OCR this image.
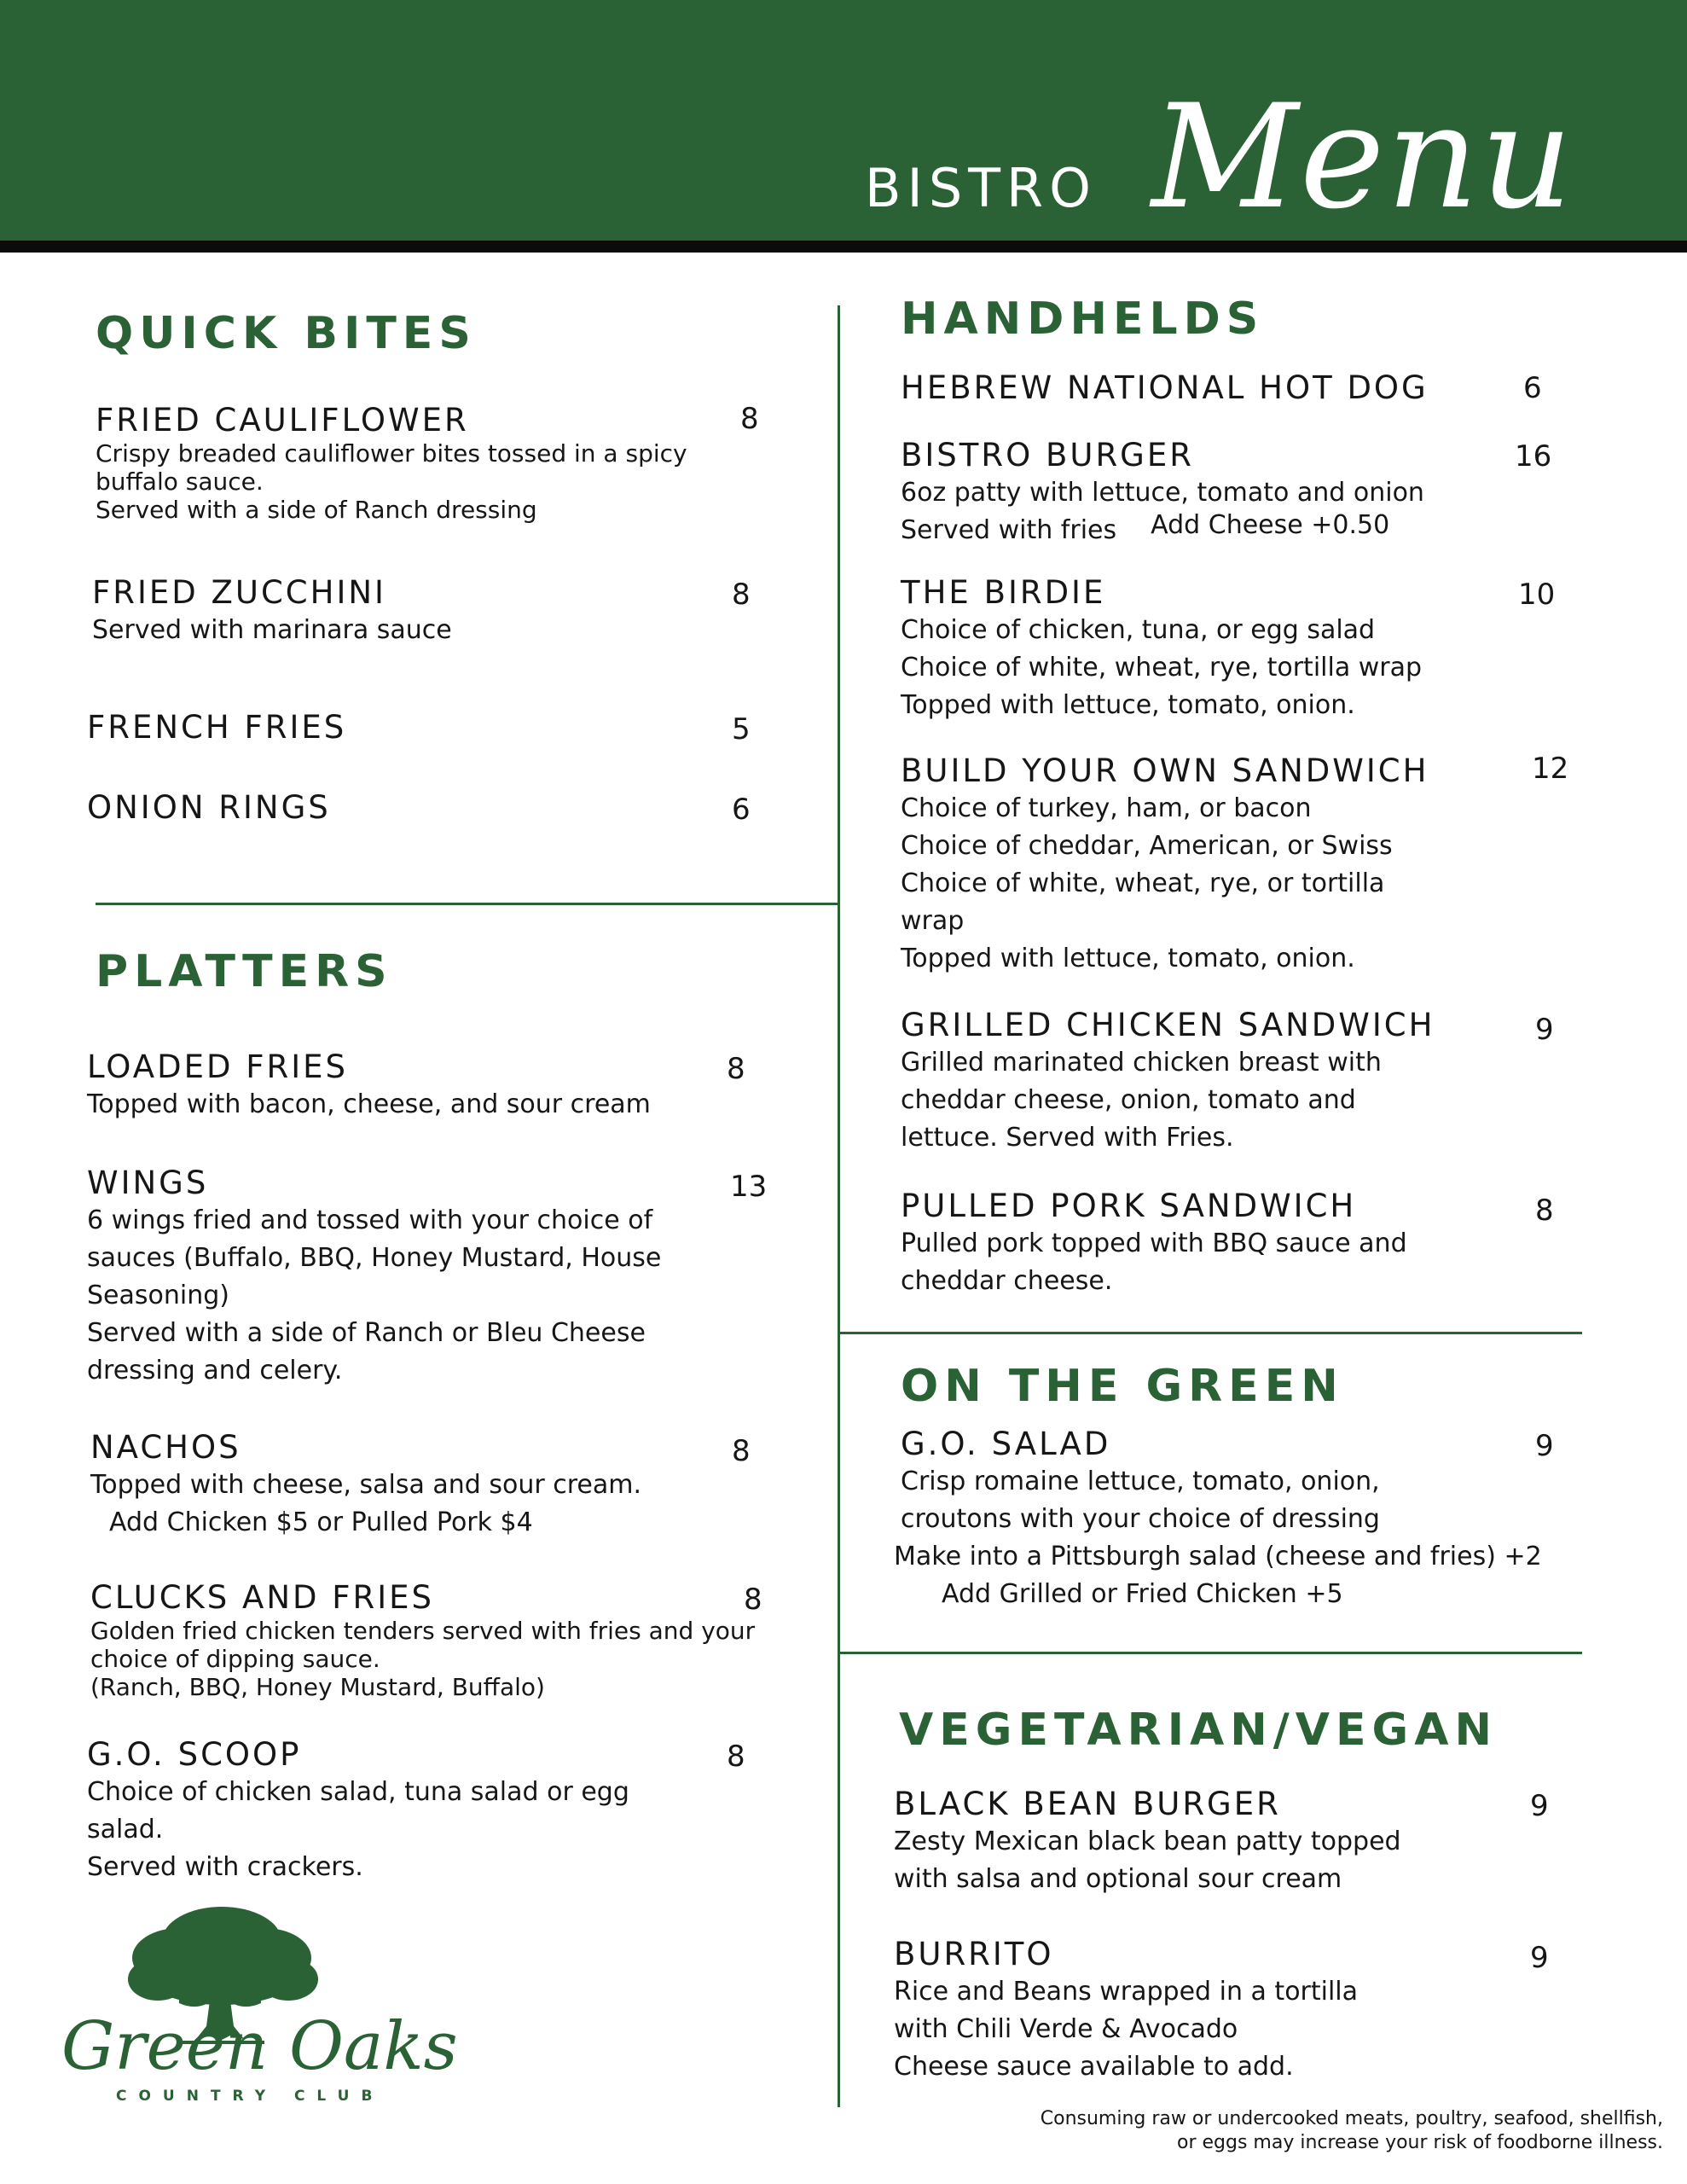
BISTRO Menu
QUICK BITES
FRIED CAULIFLOWER
Crispy breaded cauliflower bites tossed in a spicy
buffalo sauce.
Served with a side of Ranch dressing
8
FRIED ZUCCHINI
Served with marinara sauce
8
FRENCH FRIES	5
ONION RINGS	6
PLATTERS
LOADED FRIES
Topped with bacon, cheese, and sour cream
8
WINGS
6 wings fried and tossed with your choice of
sauces (Buffalo, BBQ, Honey Mustard, House
Seasoning)
Served with a side of Ranch or Bleu Cheese
dressing and celery.
13
NACHOS
Topped with cheese, salsa and sour cream.
Add Chicken $5 or Pulled Pork $4
8
CLUCKS AND FRIES
Golden fried chicken tenders served with fries and your
choice of dipping sauce.
(Ranch, BBQ, Honey Mustard, Buffalo)
8
G.O. SCOOP
Choice of chicken salad, tuna salad or egg
salad.
Served with crackers.
8
Green Oaks
COUNTRY CLUB
HANDHELDS
HEBREW NATIONAL HOT DOG	6
BISTRO BURGER
6oz patty with lettuce, tomato and onion
Served with fries Add Cheese +0.50
16
THE BIRDIE
Choice of chicken, tuna, or egg salad
Choice of white, wheat, rye, tortilla wrap
Topped with lettuce, tomato, onion.
10
BUILD YOUR OWN SANDWICH
Choice of turkey, ham, or bacon
Choice of cheddar, American, or Swiss
Choice of white, wheat, rye, or tortilla
wrap
Topped with lettuce, tomato, onion.
12
GRILLED CHICKEN SANDWICH
Grilled marinated chicken breast with
cheddar cheese, onion, tomato and
lettuce. Served with Fries.
9
PULLED PORK SANDWICH
Pulled pork topped with BBQ sauce and
cheddar cheese.
8
ON THE GREEN
G.O. SALAD
Crisp romaine lettuce, tomato, onion,
croutons with your choice of dressing
Make into a Pittsburgh salad (cheese and fries) +2
Add Grilled or Fried Chicken +5
9
VEGETARIAN/VEGAN
BLACK BEAN BURGER
Zesty Mexican black bean patty topped
with salsa and optional sour cream
9
BURRITO
Rice and Beans wrapped in a tortilla
with Chili Verde & Avocado
Cheese sauce available to add.
9
Consuming raw or undercooked meats, poultry, seafood, shellfish,
or eggs may increase your risk of foodborne illness.
